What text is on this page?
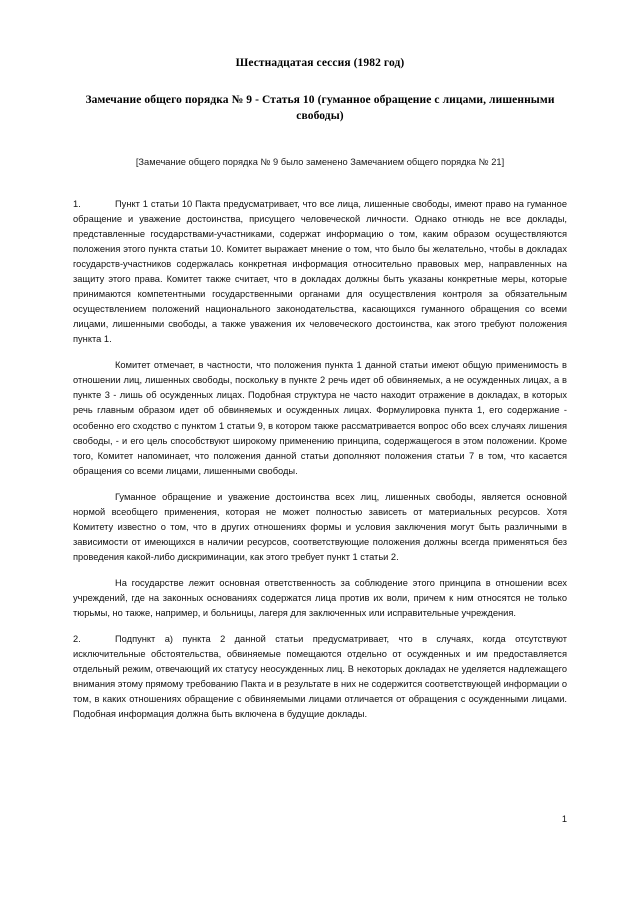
Шестнадцатая сессия (1982 год)
Замечание общего порядка № 9 - Статья 10 (гуманное обращение с лицами, лишенными свободы)

[Замечание общего порядка № 9 было заменено Замечанием общего порядка № 21]

1.	Пункт 1 статьи 10 Пакта предусматривает, что все лица, лишенные свободы, имеют право на гуманное обращение и уважение достоинства, присущего человеческой личности. Однако отнюдь не все доклады, представленные государствами-участниками, содержат информацию о том, каким образом осуществляются положения этого пункта статьи 10. Комитет выражает мнение о том, что было бы желательно, чтобы в докладах государств-участников содержалась конкретная информация относительно правовых мер, направленных на защиту этого права. Комитет также считает, что в докладах должны быть указаны конкретные меры, которые принимаются компетентными государственными органами для осуществления контроля за обязательным осуществлением положений национального законодательства, касающихся гуманного обращения со всеми лицами, лишенными свободы, а также уважения их человеческого достоинства, как этого требуют положения пункта 1.

Комитет отмечает, в частности, что положения пункта 1 данной статьи имеют общую применимость в отношении лиц, лишенных свободы, поскольку в пункте 2 речь идет об обвиняемых, а не осужденных лицах, а в пункте 3 - лишь об осужденных лицах. Подобная структура не часто находит отражение в докладах, в которых речь главным образом идет об обвиняемых и осужденных лицах. Формулировка пункта 1, его содержание - особенно его сходство с пунктом 1 статьи 9, в котором также рассматривается вопрос обо всех случаях лишения свободы, - и его цель способствуют широкому применению принципа, содержащегося в этом положении. Кроме того, Комитет напоминает, что положения данной статьи дополняют положения статьи 7 в том, что касается обращения со всеми лицами, лишенными свободы.

Гуманное обращение и уважение достоинства всех лиц, лишенных свободы, является основной нормой всеобщего применения, которая не может полностью зависеть от материальных ресурсов. Хотя Комитету известно о том, что в других отношениях формы и условия заключения могут быть различными в зависимости от имеющихся в наличии ресурсов, соответствующие положения должны всегда применяться без проведения какой-либо дискриминации, как этого требует пункт 1 статьи 2.

На государстве лежит основная ответственность за соблюдение этого принципа в отношении всех учреждений, где на законных основаниях содержатся лица против их воли, причем к ним относятся не только тюрьмы, но также, например, и больницы, лагеря для заключенных или исправительные учреждения.

2.	Подпункт а) пункта 2 данной статьи предусматривает, что в случаях, когда отсутствуют исключительные обстоятельства, обвиняемые помещаются отдельно от осужденных и им предоставляется отдельный режим, отвечающий их статусу неосужденных лиц. В некоторых докладах не уделяется надлежащего внимания этому прямому требованию Пакта и в результате в них не содержится соответствующей информации о том, в каких отношениях обращение с обвиняемыми лицами отличается от обращения с осужденными лицами. Подобная информация должна быть включена в будущие доклады.

1
